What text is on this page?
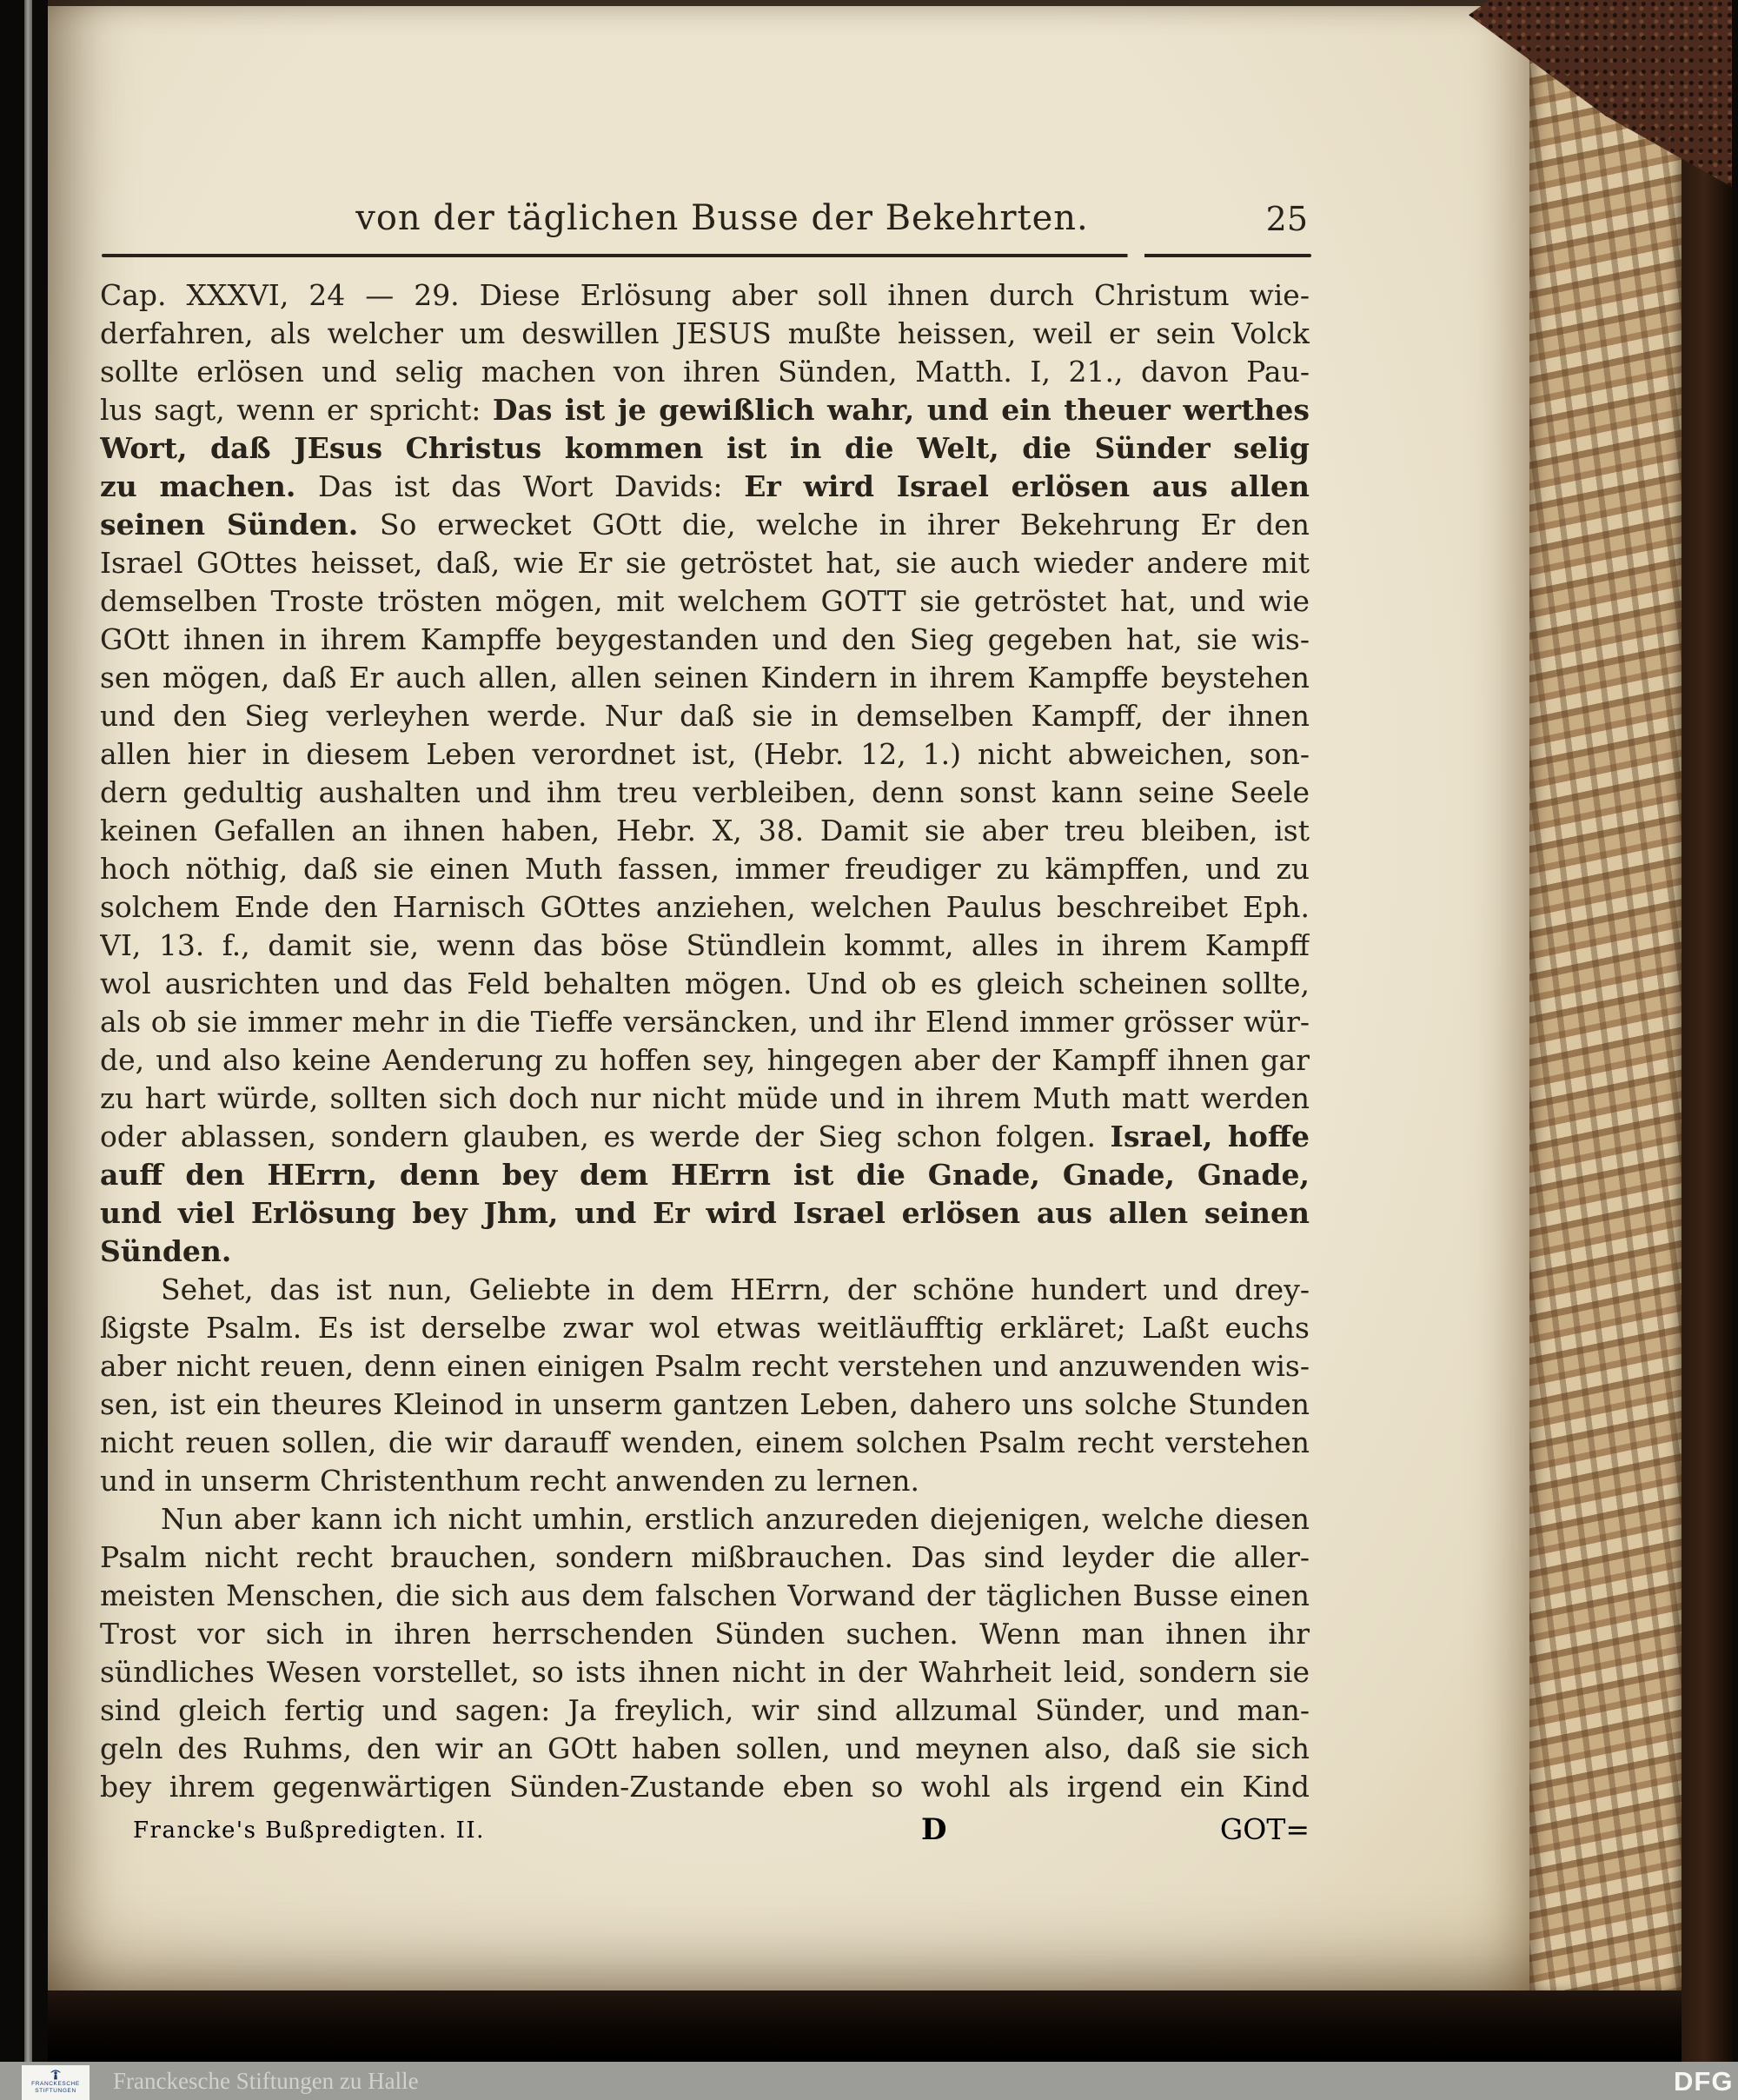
von der täglichen Busse der Bekehrten.	25
Cap. XXXVI, 24 — 29. Diese Erlösung aber soll ihnen durch Christum wie-
derfahren, als welcher um deswillen JESUS mußte heissen, weil er sein Volck
sollte erlösen und selig machen von ihren Sünden, Matth. I, 21., davon Pau-
lus sagt, wenn er spricht: Das ist je gewißlich wahr, und ein theuer werthes
Wort, daß JEsus Christus kommen ist in die Welt, die Sünder selig
zu machen. Das ist das Wort Davids: Er wird Israel erlösen aus allen
seinen Sünden. So erwecket GOtt die, welche in ihrer Bekehrung Er den
Israel GOttes heisset, daß, wie Er sie getröstet hat, sie auch wieder andere mit
demselben Troste trösten mögen, mit welchem GOTT sie getröstet hat, und wie
GOtt ihnen in ihrem Kampffe beygestanden und den Sieg gegeben hat, sie wis-
sen mögen, daß Er auch allen, allen seinen Kindern in ihrem Kampffe beystehen
und den Sieg verleyhen werde. Nur daß sie in demselben Kampff, der ihnen
allen hier in diesem Leben verordnet ist, (Hebr. 12, 1.) nicht abweichen, son-
dern gedultig aushalten und ihm treu verbleiben, denn sonst kann seine Seele
keinen Gefallen an ihnen haben, Hebr. X, 38. Damit sie aber treu bleiben, ist
hoch nöthig, daß sie einen Muth fassen, immer freudiger zu kämpffen, und zu
solchem Ende den Harnisch GOttes anziehen, welchen Paulus beschreibet Eph.
VI, 13. f., damit sie, wenn das böse Stündlein kommt, alles in ihrem Kampff
wol ausrichten und das Feld behalten mögen. Und ob es gleich scheinen sollte,
als ob sie immer mehr in die Tieffe versäncken, und ihr Elend immer grösser wür-
de, und also keine Aenderung zu hoffen sey, hingegen aber der Kampff ihnen gar
zu hart würde, sollten sich doch nur nicht müde und in ihrem Muth matt werden
oder ablassen, sondern glauben, es werde der Sieg schon folgen. Israel, hoffe
auff den HErrn, denn bey dem HErrn ist die Gnade, Gnade, Gnade,
und viel Erlösung bey Jhm, und Er wird Israel erlösen aus allen seinen
Sünden.
Sehet, das ist nun, Geliebte in dem HErrn, der schöne hundert und drey-
ßigste Psalm. Es ist derselbe zwar wol etwas weitläufftig erkläret; Laßt euchs
aber nicht reuen, denn einen einigen Psalm recht verstehen und anzuwenden wis-
sen, ist ein theures Kleinod in unserm gantzen Leben, dahero uns solche Stunden
nicht reuen sollen, die wir darauff wenden, einem solchen Psalm recht verstehen
und in unserm Christenthum recht anwenden zu lernen.
Nun aber kann ich nicht umhin, erstlich anzureden diejenigen, welche diesen
Psalm nicht recht brauchen, sondern mißbrauchen. Das sind leyder die aller-
meisten Menschen, die sich aus dem falschen Vorwand der täglichen Busse einen
Trost vor sich in ihren herrschenden Sünden suchen. Wenn man ihnen ihr
sündliches Wesen vorstellet, so ists ihnen nicht in der Wahrheit leid, sondern sie
sind gleich fertig und sagen: Ja freylich, wir sind allzumal Sünder, und man-
geln des Ruhms, den wir an GOtt haben sollen, und meynen also, daß sie sich
bey ihrem gegenwärtigen Sünden-Zustande eben so wohl als irgend ein Kind
Francke's Bußpredigten. II.	D	GOT=
FRANCKESCHE
STIFTUNGEN Franckesche Stiftungen zu Halle	DFG
